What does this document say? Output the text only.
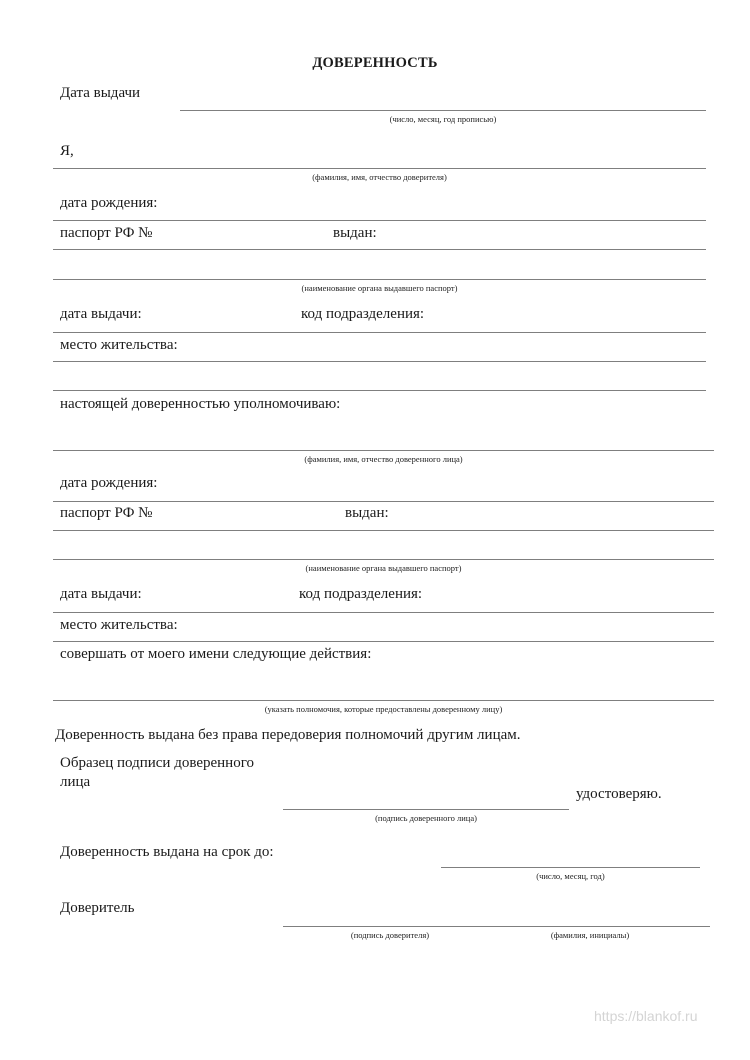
ДОВЕРЕННОСТЬ
Дата выдачи
(число, месяц, год прописью)
Я,
(фамилия, имя, отчество доверителя)
дата рождения:
паспорт РФ №	выдан:
(наименование органа выдавшего паспорт)
дата выдачи:	код подразделения:
место жительства:
настоящей доверенностью уполномочиваю:
(фамилия, имя, отчество доверенного лица)
дата рождения:
паспорт РФ №	выдан:
(наименование органа выдавшего паспорт)
дата выдачи:	код подразделения:
место жительства:
совершать от моего имени следующие действия:
(указать полномочия, которые предоставлены доверенному лицу)
Доверенность выдана без права передоверия полномочий другим лицам.
Образец подписи доверенного
лица
удостоверяю.
(подпись доверенного лица)
Доверенность выдана на срок до:
(число, месяц, год)
Доверитель
(подпись доверителя)	(фамилия, инициалы)
https://blankof.ru
